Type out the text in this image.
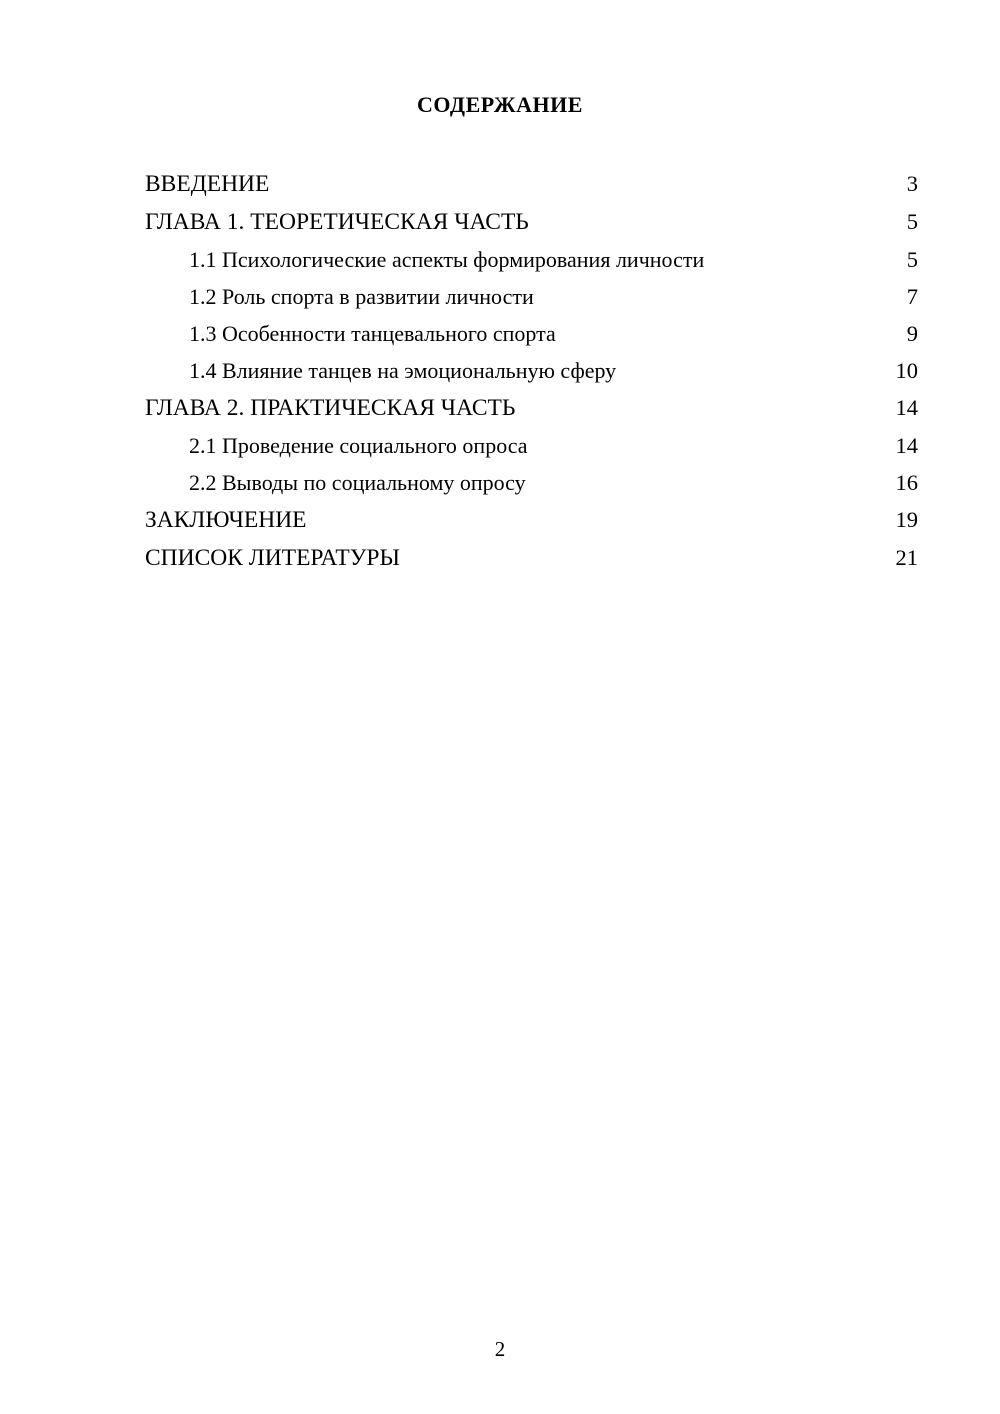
СОДЕРЖАНИЕ
ВВЕДЕНИЕ	3
ГЛАВА 1. ТЕОРЕТИЧЕСКАЯ ЧАСТЬ	5
1.1 Психологические аспекты формирования личности	5
1.2 Роль спорта в развитии личности	7
1.3 Особенности танцевального спорта	9
1.4 Влияние танцев на эмоциональную сферу	10
ГЛАВА 2. ПРАКТИЧЕСКАЯ ЧАСТЬ	14
2.1 Проведение социального опроса	14
2.2 Выводы по социальному опросу	16
ЗАКЛЮЧЕНИЕ	19
СПИСОК ЛИТЕРАТУРЫ	21
2
